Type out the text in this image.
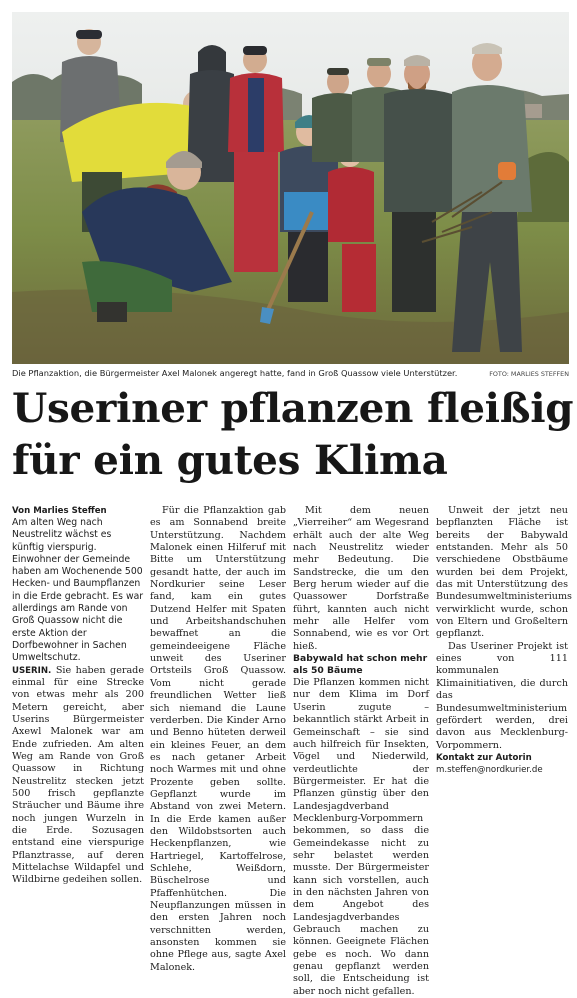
Die Pflanzaktion, die Bürgermeister Axel Malonek angeregt hatte, fand in Groß Quassow viele Unterstützer.	FOTO: MARLIES STEFFEN
Useriner pflanzen fleißig
für ein gutes Klima

Von Marlies Steffen

Am alten Weg nach Neustrelitz wächst es künftig vierspurig. Einwohner der Gemeinde haben am Wochenende 500 Hecken- und Baumpflanzen in die Erde gebracht. Es war allerdings am Rande von Groß Quassow nicht die erste Aktion der Dorfbewohner in Sachen Umweltschutz.

USERIN. Sie haben gerade einmal für eine Strecke von etwas mehr als 200 Metern gereicht, aber Userins Bürgermeister Axewl Malonek war am Ende zufrieden. Am alten Weg am Rande von Groß Quassow in Richtung Neustrelitz stecken jetzt 500 frisch gepflanzte Sträucher und Bäume ihre noch jungen Wurzeln in die Erde. Sozusagen entstand eine vierspurige Pflanztrasse, auf deren Mittelachse Wildapfel und Wildbirne gedeihen sollen.

Für die Pflanzaktion gab es am Sonnabend breite Unterstützung. Nachdem Malonek einen Hilferuf mit Bitte um Unterstützung gesandt hatte, der auch im Nordkurier seine Leser fand, kam ein gutes Dutzend Helfer mit Spaten und Arbeitshandschuhen bewaffnet an die gemeindeeigene Fläche unweit des Useriner Ortsteils Groß Quassow. Vom nicht gerade freundlichen Wetter ließ sich niemand die Laune verderben. Die Kinder Arno und Benno hüteten derweil ein kleines Feuer, an dem es nach getaner Arbeit noch Warmes mit und ohne Prozente geben sollte. Gepflanzt wurde im Abstand von zwei Metern. In die Erde kamen außer den Wildobstsorten auch Heckenpflanzen, wie Hartriegel, Kartoffelrose, Schlehe, Weißdorn, Büschelrose und Pfaffenhütchen. Die Neupflanzungen müssen in den ersten Jahren noch verschnitten werden, ansonsten kommen sie ohne Pflege aus, sagte Axel Malonek.

Mit dem neuen „Vierreiher“ am Wegesrand erhält auch der alte Weg nach Neustrelitz wieder mehr Bedeutung. Die Sandstrecke, die um den Berg herum wieder auf die Quassower Dorfstraße führt, kannten auch nicht mehr alle Helfer vom Sonnabend, wie es vor Ort hieß.

Babywald hat schon mehr als 50 Bäume

Die Pflanzen kommen nicht nur dem Klima im Dorf Userin zugute – bekanntlich stärkt Arbeit in Gemeinschaft – sie sind auch hilfreich für Insekten, Vögel und Niederwild, verdeutlichte der Bürgermeister. Er hat die Pflanzen günstig über den Landesjagdverband Mecklenburg-Vorpommern bekommen, so dass die Gemeindekasse nicht zu sehr belastet werden musste. Der Bürgermeister kann sich vorstellen, auch in den nächsten Jahren von dem Angebot des Landesjagdverbandes Gebrauch machen zu können. Geeignete Flächen gebe es noch. Wo dann genau gepflanzt werden soll, die Entscheidung ist aber noch nicht gefallen.

Unweit der jetzt neu bepflanzten Fläche ist bereits der Babywald entstanden. Mehr als 50 verschiedene Obstbäume wurden bei dem Projekt, das mit Unterstützung des Bundesumweltministeriums verwirklicht wurde, schon von Eltern und Großeltern gepflanzt.

Das Useriner Projekt ist eines von 111 kommunalen Klimainitiativen, die durch das Bundesumweltministerium gefördert werden, drei davon aus Mecklenburg-Vorpommern.

Kontakt zur Autorin

m.steffen@nordkurier.de
